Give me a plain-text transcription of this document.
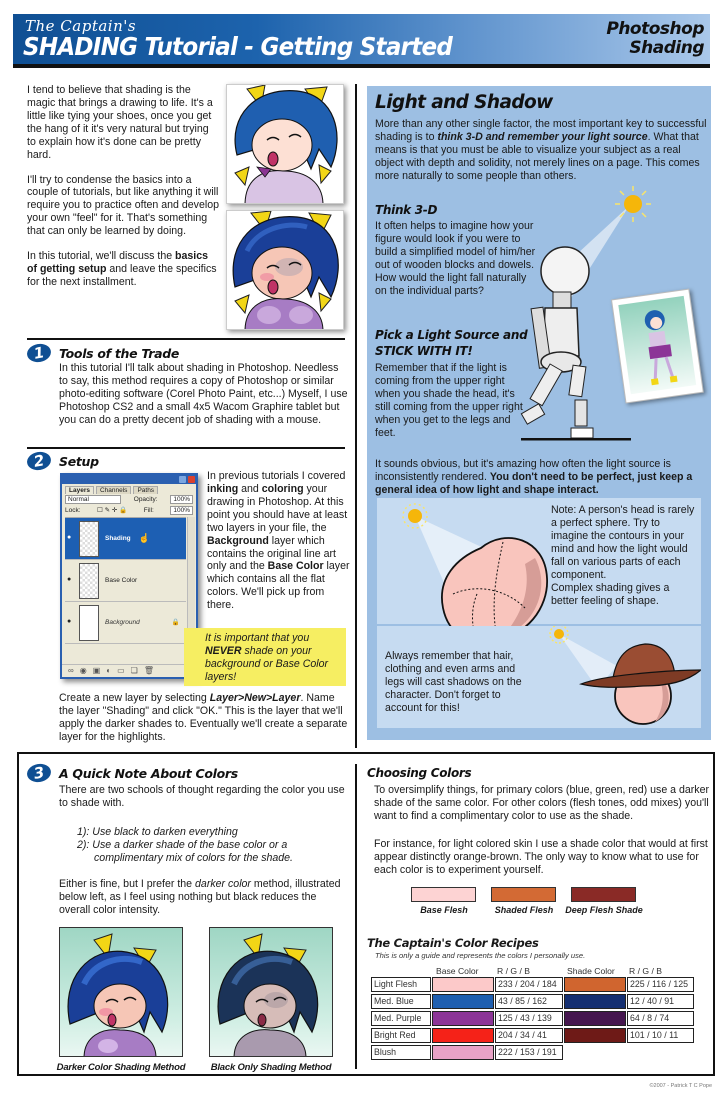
The Captain's
SHADING Tutorial - Getting Started
Photoshop
Shading

I tend to believe that shading is the magic that brings a drawing to life. It's a little like tying your shoes, once you get the hang of it it's very natural but trying to explain how it's done can be pretty hard.

I'll try to condense the basics into a couple of tutorials, but like anything it will require you to practice often and develop your own "feel" for it. That's something that can only be learned by doing.

In this tutorial, we'll discuss the basics of getting setup and leave the specifics for the next installment.

1	Tools of the Trade
In this tutorial I'll talk about shading in Photoshop. Needless to say, this method requires a copy of Photoshop or similar photo-editing software (Corel Photo Paint, etc...) Myself, I use Photoshop CS2 and a small 4x5 Wacom Graphire tablet but you can do a pretty decent job of shading with a mouse.
2	Setup
Layers	Channels	Paths
Normal	Opacity:	100%
Lock:	☐ ✎ ✛ 🔒	Fill:	100%
●	Shading ☝
●	Base Color
●	Background	🔒
∞ ◉ ▣ ◐ ▭ ❏ 🗑
In previous tutorials I covered inking and coloring your drawing in Photoshop. At this point you should have at least two layers in your file, the Background layer which contains the original line art only and the Base Color layer which contains all the flat colors. We'll pick up from there.
It is important that you NEVER shade on your background or Base Color layers!
Create a new layer by selecting Layer>New>Layer. Name the layer "Shading" and click "OK." This is the layer that we'll apply the darker shades to. Eventually we'll create a separate layer for the highlights.
Light and Shadow
More than any other single factor, the most important key to successful shading is to think 3-D and remember your light source. What that means is that you must be able to visualize your subject as a real object with depth and solidity, not merely lines on a page. This comes more naturally to some people than others.
Think 3-D
It often helps to imagine how your figure would look if you were to build a simplified model of him/her out of wooden blocks and dowels. How would the light fall naturally on the individual parts?
Pick a Light Source and
STICK WITH IT!
Remember that if the light is coming from the upper right when you shade the head, it's still coming from the upper right when you get to the legs and feet.
It sounds obvious, but it's amazing how often the light source is inconsistently rendered. You don't need to be perfect, just keep a general idea of how light and shape interact.
Note: A person's head is rarely a perfect sphere. Try to imagine the contours in your mind and how the light would fall on various parts of each component.
Complex shading gives a better feeling of shape.
Always remember that hair, clothing and even arms and legs will cast shadows on the character. Don't forget to account for this!
3	A Quick Note About Colors
There are two schools of thought regarding the color you use to shade with.
1): Use black to darken everything
2): Use a darker shade of the base color or a
complimentary mix of colors for the shade.
Either is fine, but I prefer the darker color method, illustrated below left, as I feel using nothing but black reduces the overall color intensity.
Darker Color Shading Method	Black Only Shading Method
Choosing Colors
To oversimplify things, for primary colors (blue, green, red) use a darker shade of the same color. For other colors (flesh tones, odd mixes) you'll want to find a complimentary color to use as the shade.
For instance, for light colored skin I use a shade color that would at first appear distinctly orange-brown. The only way to know what to use for each color is to experiment yourself.
Base Flesh	Shaded Flesh	Deep Flesh Shade
The Captain's Color Recipes
This is only a guide and represents the colors I personally use.
Base Color R / G / B	Shade Color R / G / B
Light Flesh	233 / 204 / 184	225 / 116 / 125
Med. Blue	43 / 85 / 162	12 / 40 / 91
Med. Purple	125 / 43 / 139	64 / 8 / 74
Bright Red	204 / 34 / 41	101 / 10 / 11
Blush	222 / 153 / 191
©2007 - Patrick T C Pope
